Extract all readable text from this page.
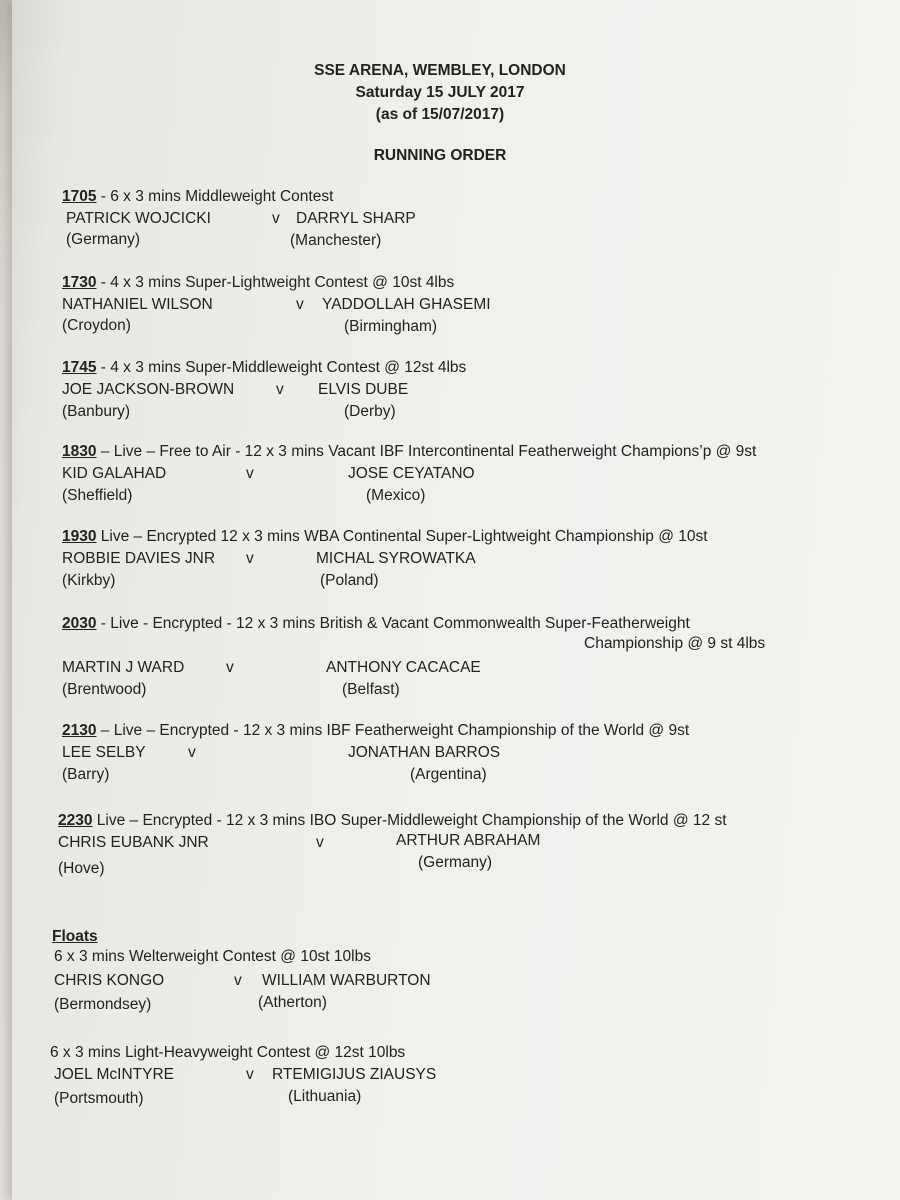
SSE ARENA, WEMBLEY, LONDON
Saturday 15 JULY 2017
(as of 15/07/2017)
RUNNING ORDER
1705 - 6 x 3 mins Middleweight Contest
PATRICK WOJCICKI	v DARRYL SHARP
(Germany)	(Manchester)
1730 - 4 x 3 mins Super-Lightweight Contest @ 10st 4lbs
NATHANIEL WILSON	v YADDOLLAH GHASEMI
(Croydon)	(Birmingham)
1745 - 4 x 3 mins Super-Middleweight Contest @ 12st 4lbs
JOE JACKSON-BROWN	v ELVIS DUBE
(Banbury)	(Derby)
1830 – Live – Free to Air - 12 x 3 mins Vacant IBF Intercontinental Featherweight Champions’p @ 9st
KID GALAHAD	v	JOSE CEYATANO
(Sheffield)	(Mexico)
1930 Live – Encrypted 12 x 3 mins WBA Continental Super-Lightweight Championship @ 10st
ROBBIE DAVIES JNR v	MICHAL SYROWATKA
(Kirkby)	(Poland)
2030 - Live - Encrypted - 12 x 3 mins British & Vacant Commonwealth Super-Featherweight
Championship @ 9 st 4lbs
MARTIN J WARD	v	ANTHONY CACACAE
(Brentwood)	(Belfast)
2130 – Live – Encrypted - 12 x 3 mins IBF Featherweight Championship of the World @ 9st
LEE SELBY	v	JONATHAN BARROS
(Barry)	(Argentina)
2230 Live – Encrypted - 12 x 3 mins IBO Super-Middleweight Championship of the World @ 12 st
CHRIS EUBANK JNR	v	ARTHUR ABRAHAM
(Hove)	(Germany)
Floats
6 x 3 mins Welterweight Contest @ 10st 10lbs
CHRIS KONGO	v WILLIAM WARBURTON
(Bermondsey)	(Atherton)
6 x 3 mins Light-Heavyweight Contest @ 12st 10lbs
JOEL McINTYRE	v RTEMIGIJUS ZIAUSYS
(Portsmouth)	(Lithuania)
